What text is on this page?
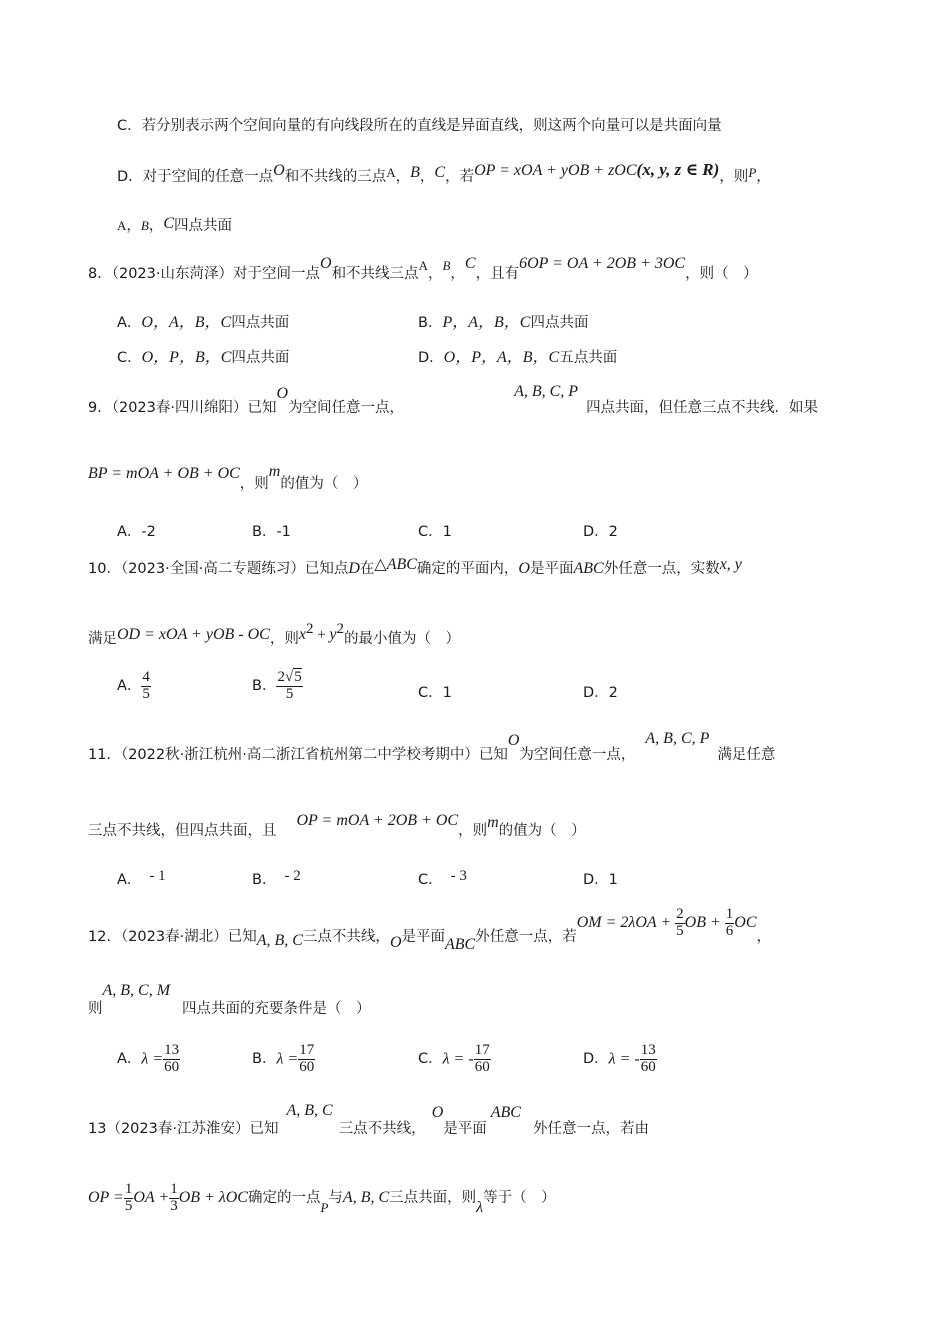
C．若分别表示两个空间向量的有向线段所在的直线是异面直线，则这两个向量可以是共面向量
D．对于空间的任意一点O和不共线的三点A，B，C，若OP = xOA + yOB + zOC(x, y, z ∈ R)，则P，
A，B，C四点共面
8．（2023·山东菏泽）对于空间一点O和不共线三点A，B，C，且有6OP = OA + 2OB + 3OC，则（　）
A．O，A，B，C四点共面	B．P，A，B，C四点共面
C．O，P，B，C四点共面	D．O，P，A，B，C五点共面
9．（2023春·四川绵阳）已知O为空间任意一点，A, B, C, P四点共面，但任意三点不共线．如果
BP = mOA + OB + OC，则m的值为（　）
A．-2	B．-1	C．1	D．2
10．（2023·全国·高二专题练习）已知点D在△ABC确定的平面内，O是平面ABC外任意一点，实数x, y
满足OD = xOA + yOB - OC，则$x^2 + y^2$的最小值为（　）
A． $\frac{4}{5}$	B． $\frac{2√5}{5}$	C．1	D．2
11．（2022秋·浙江杭州·高二浙江省杭州第二中学校考期中）已知O为空间任意一点，A, B, C, P满足任意
三点不共线，但四点共面，且OP = mOA + 2OB + OC，则m的值为（　）
A． - 1	B． - 2	C． - 3	D．1
12．（2023春·湖北）已知A, B, C三点不共线，O是平面ABC外任意一点，若OM = $2\lambda OA + \frac{2}{5}$ OB + $\frac{1}{6}$ OC，
则A, B, C, M四点共面的充要条件是（　）
A．$\lambda = \frac{13}{60}$	B．$\lambda = \frac{17}{60}$	C．λ = - $\frac{17}{60}$	D．λ = - $\frac{13}{60}$
13（2023春·江苏淮安）已知A, B, C三点不共线，O是平面ABC外任意一点，若由
OP = $\frac{1}{5}$ OA + $\frac{1}{3}$ OB + λOC确定的一点P与A, B, C三点共面，则λ等于（　）
